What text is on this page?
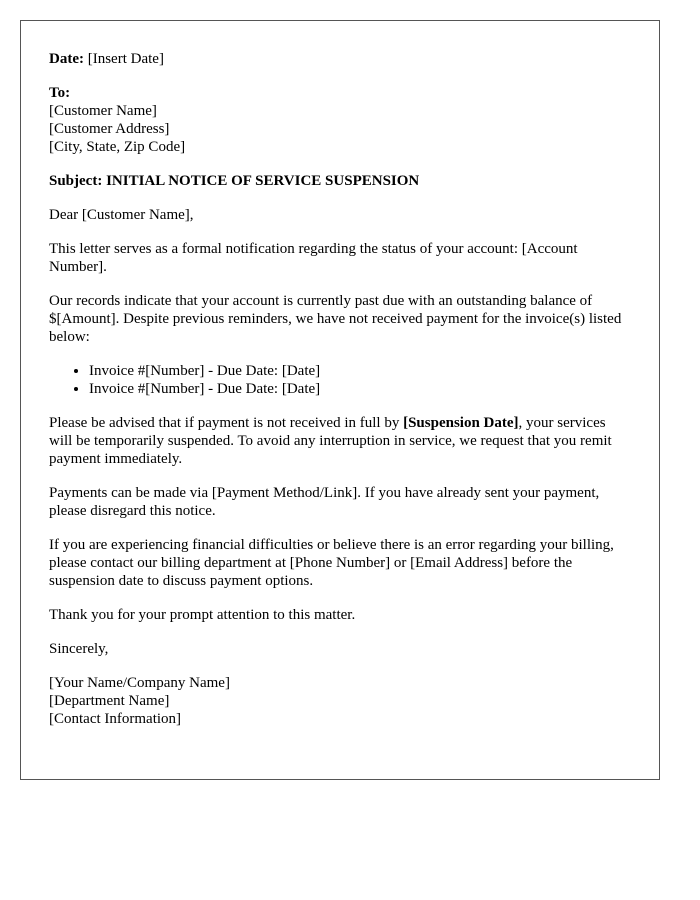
Date: [Insert Date]

To:
[Customer Name]
[Customer Address]
[City, State, Zip Code]

Subject: INITIAL NOTICE OF SERVICE SUSPENSION

Dear [Customer Name],

This letter serves as a formal notification regarding the status of your account: [Account Number].

Our records indicate that your account is currently past due with an outstanding balance of $[Amount]. Despite previous reminders, we have not received payment for the invoice(s) listed below:

• Invoice #[Number] - Due Date: [Date]
• Invoice #[Number] - Due Date: [Date]

Please be advised that if payment is not received in full by [Suspension Date], your services will be temporarily suspended. To avoid any interruption in service, we request that you remit payment immediately.

Payments can be made via [Payment Method/Link]. If you have already sent your payment, please disregard this notice.

If you are experiencing financial difficulties or believe there is an error regarding your billing, please contact our billing department at [Phone Number] or [Email Address] before the suspension date to discuss payment options.

Thank you for your prompt attention to this matter.

Sincerely,

[Your Name/Company Name]
[Department Name]
[Contact Information]
